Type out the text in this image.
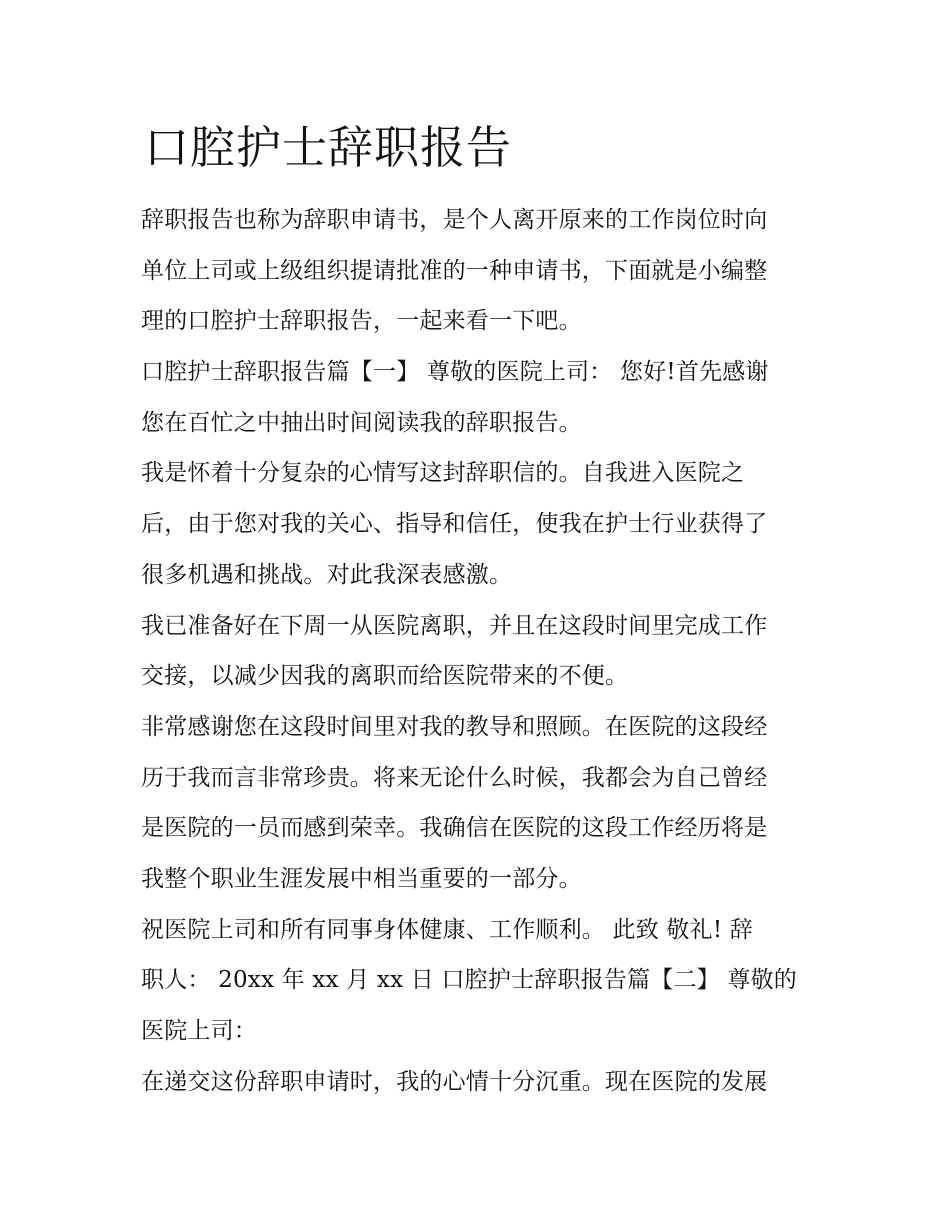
口腔护士辞职报告
辞职报告也称为辞职申请书，是个人离开原来的工作岗位时向
单位上司或上级组织提请批准的一种申请书，下面就是小编整
理的口腔护士辞职报告，一起来看一下吧。
口腔护士辞职报告篇【一】 尊敬的医院上司： 您好!首先感谢
您在百忙之中抽出时间阅读我的辞职报告。
我是怀着十分复杂的心情写这封辞职信的。自我进入医院之
后，由于您对我的关心、指导和信任，使我在护士行业获得了
很多机遇和挑战。对此我深表感激。
我已准备好在下周一从医院离职，并且在这段时间里完成工作
交接，以减少因我的离职而给医院带来的不便。
非常感谢您在这段时间里对我的教导和照顾。在医院的这段经
历于我而言非常珍贵。将来无论什么时候，我都会为自己曾经
是医院的一员而感到荣幸。我确信在医院的这段工作经历将是
我整个职业生涯发展中相当重要的一部分。
祝医院上司和所有同事身体健康、工作顺利。 此致 敬礼! 辞
职人： 20xx 年 xx 月 xx 日 口腔护士辞职报告篇【二】 尊敬的
医院上司：
在递交这份辞职申请时，我的心情十分沉重。现在医院的发展
